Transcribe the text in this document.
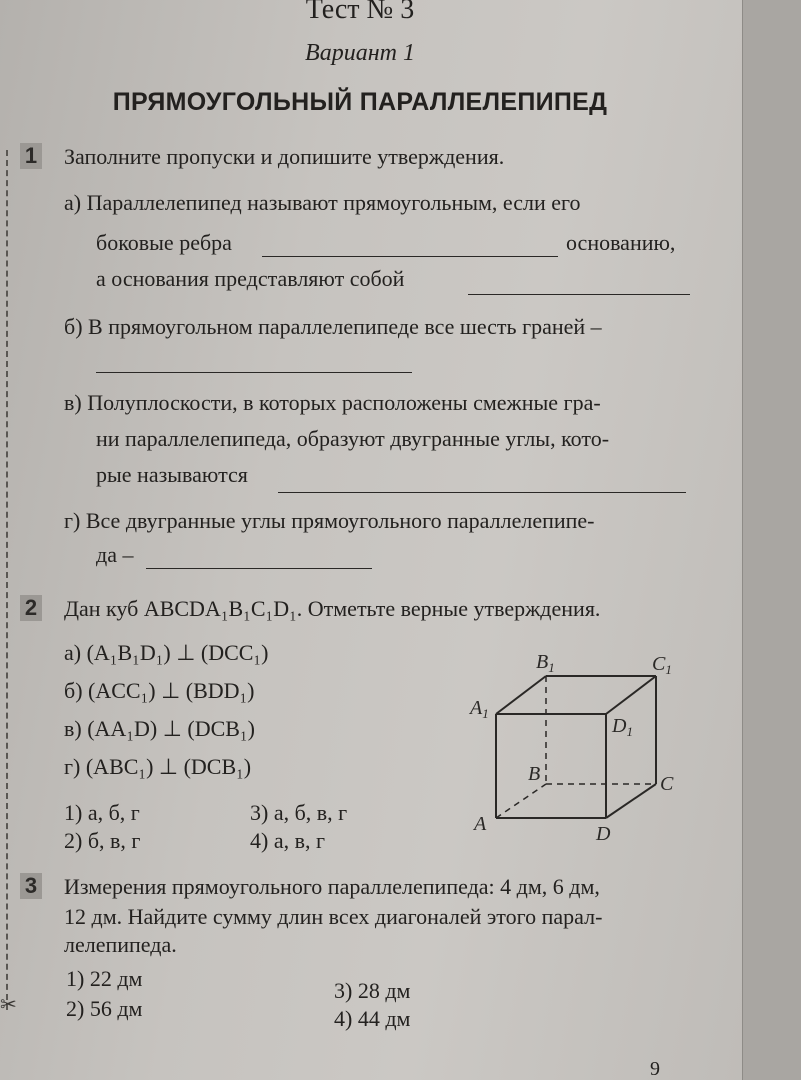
✂
Тест № 3
Вариант 1
ПРЯМОУГОЛЬНЫЙ ПАРАЛЛЕЛЕПИПЕД
1 Заполните пропуски и допишите утверждения.
а) Параллелепипед называют прямоугольным, если его
боковые ребра	основанию,
а основания представляют собой
б) В прямоугольном параллелепипеде все шесть граней –
в) Полуплоскости, в которых расположены смежные гра-
ни параллелепипеда, образуют двугранные углы, кото-
рые называются
г) Все двугранные углы прямоугольного параллелепипе-
да –
2 Дан куб ABCDA₁B₁C₁D₁. Отметьте верные утверждения.
а) (A₁B₁D₁) ⊥ (DCC₁)
б) (ACC₁) ⊥ (BDD₁)
в) (AA₁D) ⊥ (DCB₁)
г) (ABC₁) ⊥ (DCB₁)
1) а, б, г
2) б, в, г
3) а, б, в, г
4) а, в, г
$B_1$	$C_1$
$A_1$
$D_1$
B	C
A	D
3 Измерения прямоугольного параллелепипеда: 4 дм, 6 дм,
12 дм. Найдите сумму длин всех диагоналей этого парал-
лелепипеда.
1) 22 дм
2) 56 дм
3) 28 дм
4) 44 дм
9
